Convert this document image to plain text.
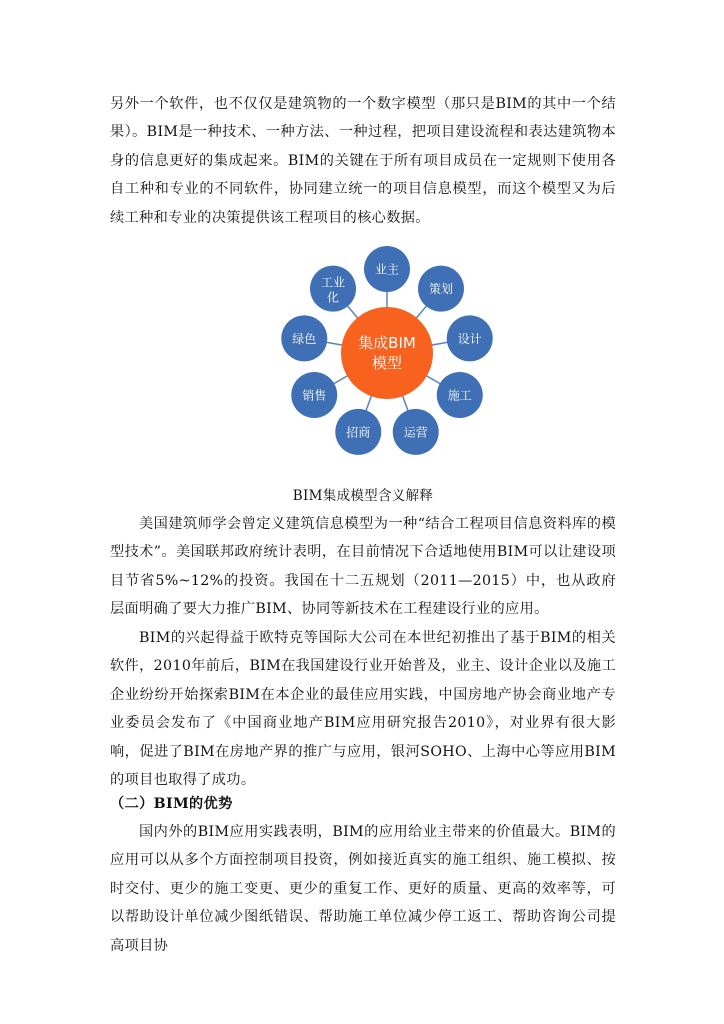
另外一个软件，也不仅仅是建筑物的一个数字模型（那只是BIM的其中一个结果）。BIM是一种技术、一种方法、一种过程，把项目建设流程和表达建筑物本身的信息更好的集成起来。BIM的关键在于所有项目成员在一定规则下使用各自工种和专业的不同软件，协同建立统一的项目信息模型，而这个模型又为后续工种和专业的决策提供该工程项目的核心数据。

业主
策划
设计
施工
运营
招商
销售
绿色
工业
化
集成BIM
模型

BIM集成模型含义解释

美国建筑师学会曾定义建筑信息模型为一种“结合工程项目信息资料库的模型技术”。美国联邦政府统计表明，在目前情况下合适地使用BIM可以让建设项目节省5%~12%的投资。我国在十二五规划（2011—2015）中，也从政府层面明确了要大力推广BIM、协同等新技术在工程建设行业的应用。

BIM的兴起得益于欧特克等国际大公司在本世纪初推出了基于BIM的相关软件，2010年前后，BIM在我国建设行业开始普及，业主、设计企业以及施工企业纷纷开始探索BIM在本企业的最佳应用实践，中国房地产协会商业地产专业委员会发布了《中国商业地产BIM应用研究报告2010》，对业界有很大影响，促进了BIM在房地产界的推广与应用，银河SOHO、上海中心等应用BIM的项目也取得了成功。

（二）BIM的优势

国内外的BIM应用实践表明，BIM的应用给业主带来的价值最大。BIM的应用可以从多个方面控制项目投资，例如接近真实的施工组织、施工模拟、按时交付、更少的施工变更、更少的重复工作、更好的质量、更高的效率等，可以帮助设计单位减少图纸错误、帮助施工单位减少停工返工、帮助咨询公司提高项目协
